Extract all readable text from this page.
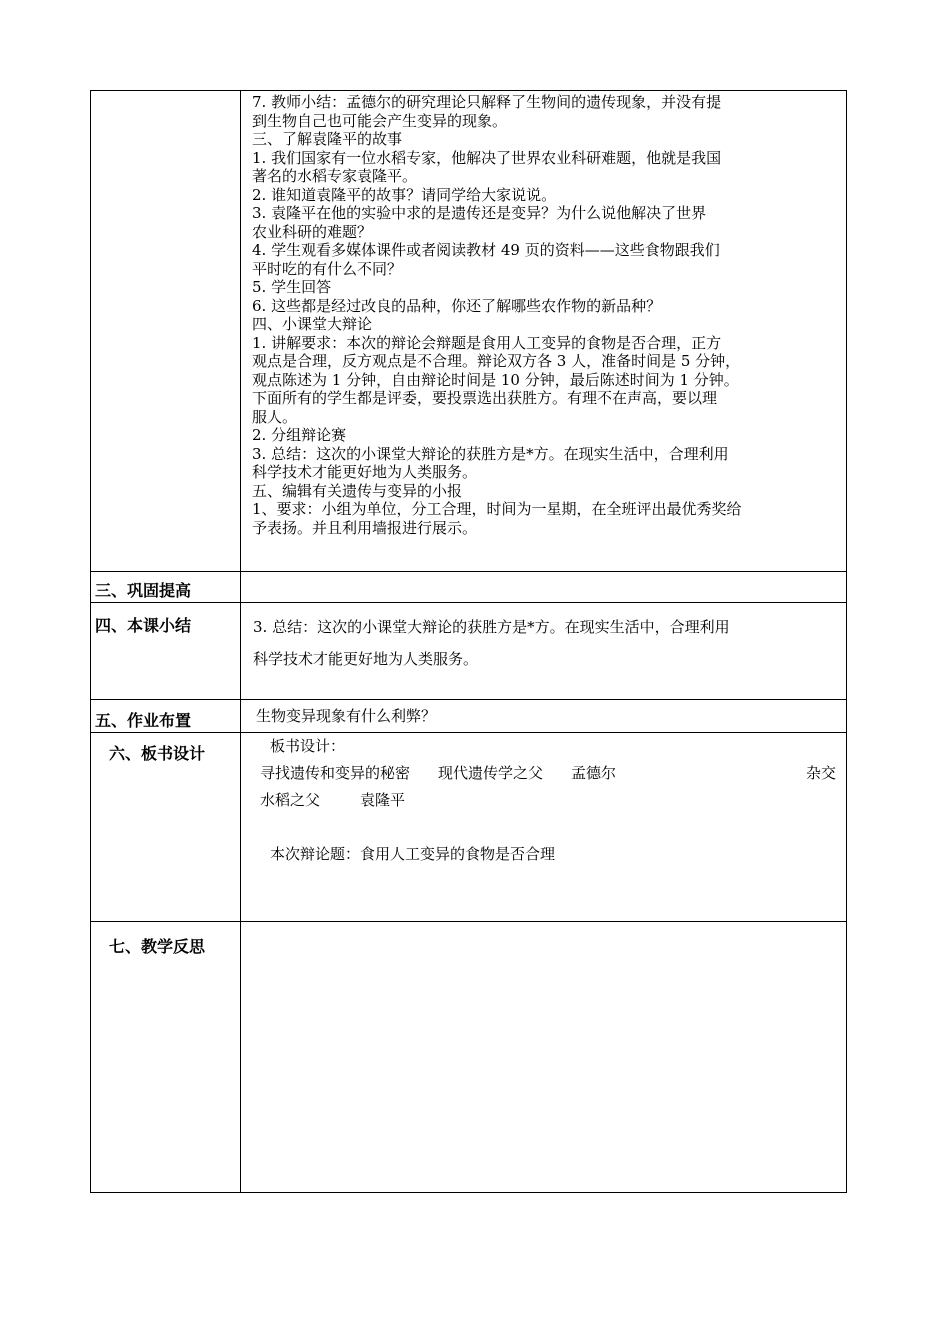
7. 教师小结：孟德尔的研究理论只解释了生物间的遗传现象，并没有提
到生物自己也可能会产生变异的现象。
三、了解袁隆平的故事
1. 我们国家有一位水稻专家，他解决了世界农业科研难题，他就是我国
著名的水稻专家袁隆平。
2. 谁知道袁隆平的故事？请同学给大家说说。
3. 袁隆平在他的实验中求的是遗传还是变异？为什么说他解决了世界
农业科研的难题？
4. 学生观看多媒体课件或者阅读教材 49 页的资料——这些食物跟我们
平时吃的有什么不同？
5. 学生回答
6. 这些都是经过改良的品种，你还了解哪些农作物的新品种？
四、小课堂大辩论
1. 讲解要求：本次的辩论会辩题是食用人工变异的食物是否合理，正方
观点是合理，反方观点是不合理。辩论双方各 3 人，准备时间是 5 分钟，
观点陈述为 1 分钟，自由辩论时间是 10 分钟，最后陈述时间为 1 分钟。
下面所有的学生都是评委，要投票选出获胜方。有理不在声高，要以理
服人。
2. 分组辩论赛
3. 总结：这次的小课堂大辩论的获胜方是*方。在现实生活中，合理利用
科学技术才能更好地为人类服务。
五、编辑有关遗传与变异的小报
1、要求：小组为单位，分工合理，时间为一星期，在全班评出最优秀奖给
予表扬。并且利用墙报进行展示。
三、巩固提高
四、本课小结	3. 总结：这次的小课堂大辩论的获胜方是*方。在现实生活中，合理利用
科学技术才能更好地为人类服务。
五、作业布置	生物变异现象有什么利弊？
六、板书设计	板书设计：
寻找遗传和变异的秘密 现代遗传学之父 孟德尔	杂交
水稻之父	袁隆平
本次辩论题：食用人工变异的食物是否合理
七、教学反思
